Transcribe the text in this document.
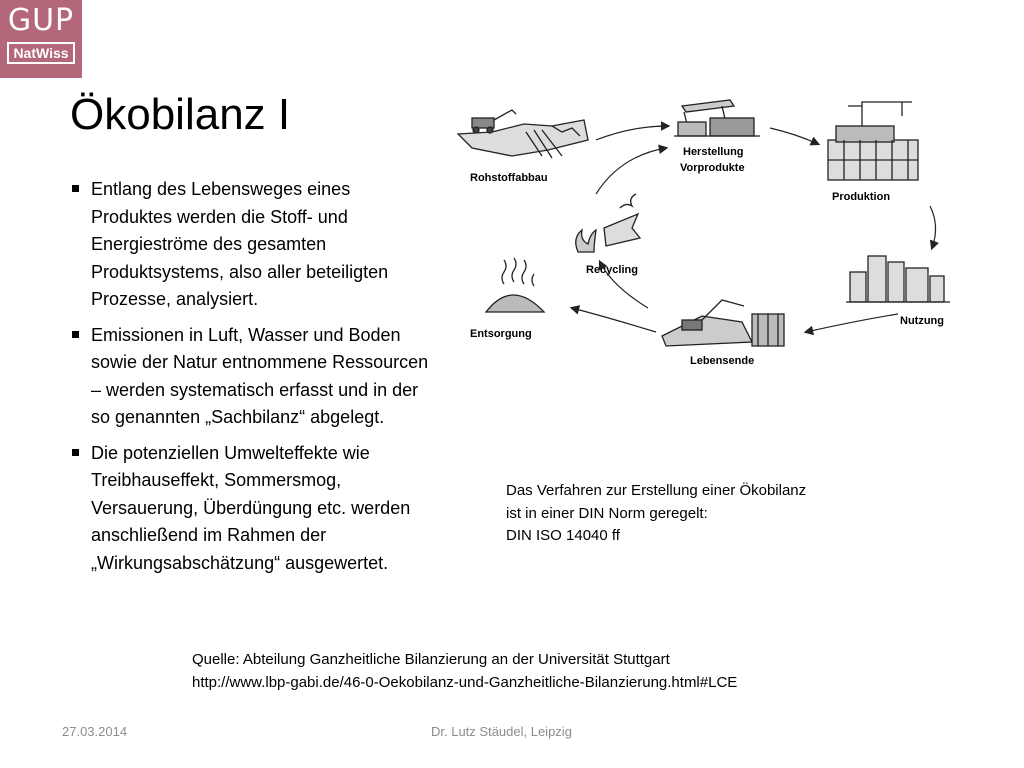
GUP
NatWiss
Ökobilanz I
Entlang des Lebensweges eines Produktes werden die Stoff- und Energieströme des gesamten Produktsystems, also aller beteiligten Prozesse, analysiert.
Emissionen in Luft, Wasser und Boden sowie der Natur entnommene Ressourcen – werden systematisch erfasst und in der so genannten „Sachbilanz“ abgelegt.
Die potenziellen Umwelteffekte wie Treibhauseffekt, Sommersmog, Versauerung, Überdüngung etc. werden anschließend im Rahmen der „Wirkungsabschätzung“ ausgewertet.
Rohstoffabbau
Herstellung
Vorprodukte
Produktion
Nutzung
Lebensende
Entsorgung
Recycling
Das Verfahren zur Erstellung einer Ökobilanz
ist in einer DIN Norm geregelt:
DIN ISO 14040 ff
Quelle: Abteilung Ganzheitliche Bilanzierung an der Universität Stuttgart
http://www.lbp-gabi.de/46-0-Oekobilanz-und-Ganzheitliche-Bilanzierung.html#LCE
27.03.2014	Dr. Lutz Stäudel, Leipzig
